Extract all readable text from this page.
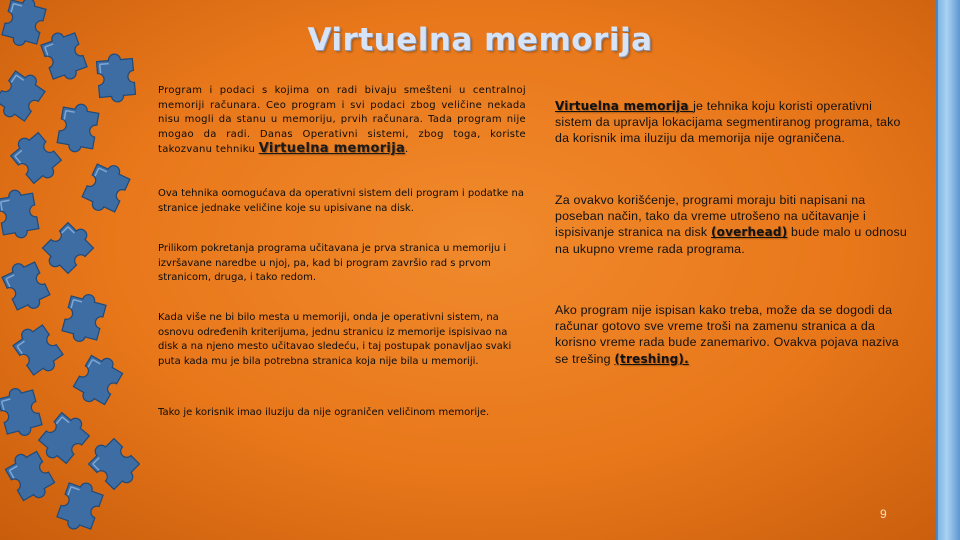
Virtuelna memorija
Program i podaci s kojima on radi bivaju smešteni u centralnoj memoriji računara. Ceo program i svi podaci zbog veličine nekada nisu mogli da stanu u memoriju, prvih računara. Tada program nije mogao da radi. Danas Operativni sistemi, zbog toga, koriste takozvanu tehniku Virtuelna memorija.
Ova tehnika oomogućava da operativni sistem deli program i podatke na stranice jednake veličine koje su upisivane na disk.
Prilikom pokretanja programa učitavana je prva stranica u memoriju i izvršavane naredbe u njoj, pa, kad bi program završio rad s prvom stranicom, druga, i tako redom.
Kada više ne bi bilo mesta u memoriji, onda je operativni sistem, na osnovu određenih kriterijuma, jednu stranicu iz memorije ispisivao na disk a na njeno mesto učitavao sledeću, i taj postupak ponavljao svaki puta kada mu je bila potrebna stranica koja nije bila u memoriji.
Tako je korisnik imao iluziju da nije ograničen veličinom memorije.
Virtuelna memorija je tehnika koju koristi operativni sistem da upravlja lokacijama segmentiranog programa, tako da korisnik ima iluziju da memorija nije ograničena.
Za ovakvo korišćenje, programi moraju biti napisani na poseban način, tako da vreme utrošeno na učitavanje i ispisivanje stranica na disk (overhead) bude malo u odnosu na ukupno vreme rada programa.
Ako program nije ispisan kako treba, može da se dogodi da računar gotovo sve vreme troši na zamenu stranica a da korisno vreme rada bude zanemarivo. Ovakva pojava naziva se trešing (treshing).
9
